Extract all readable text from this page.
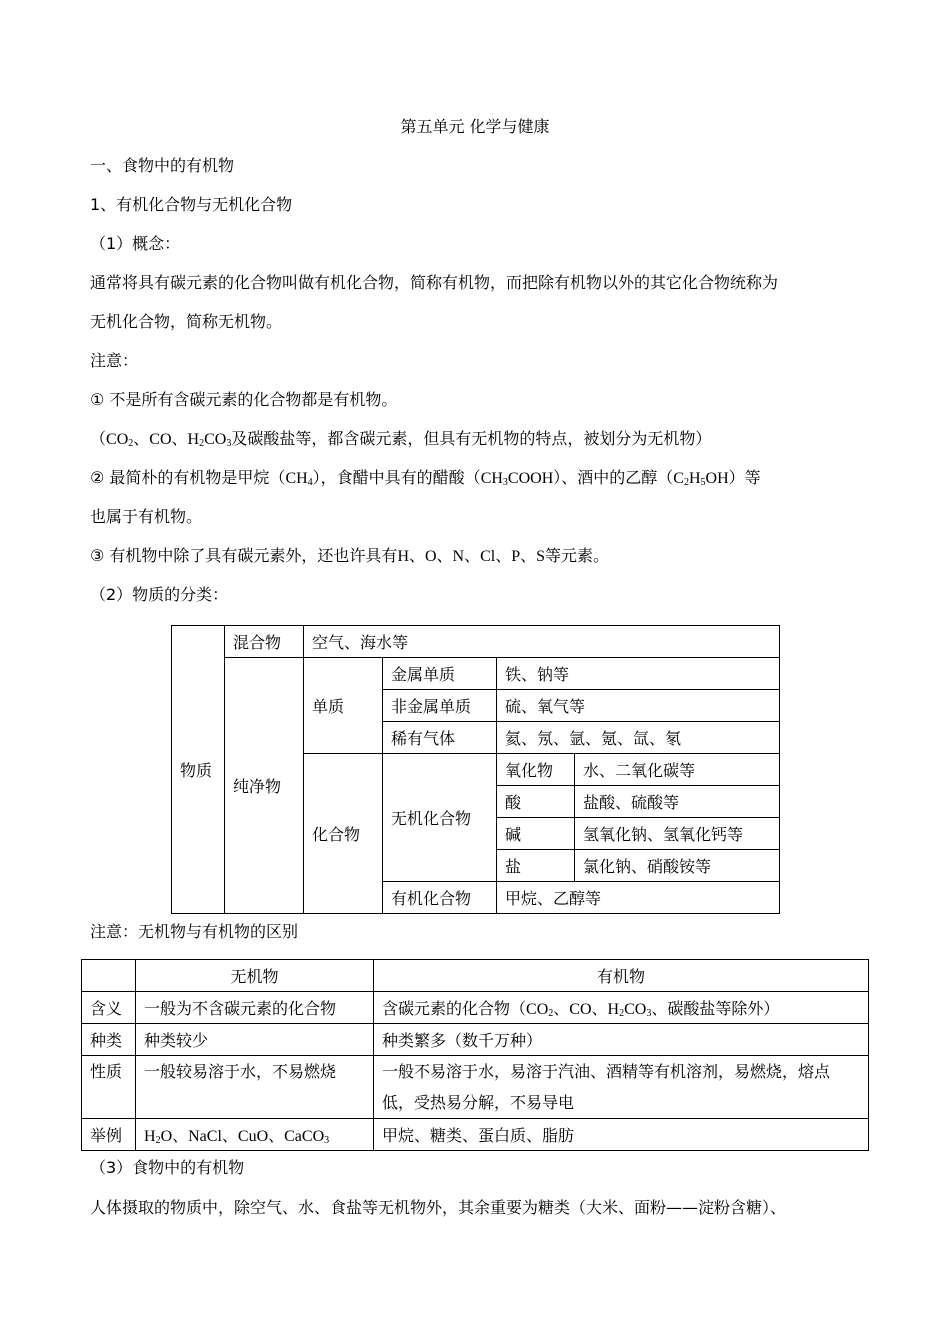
第五单元 化学与健康
一、食物中的有机物
1、有机化合物与无机化合物
（1）概念：
通常将具有碳元素的化合物叫做有机化合物，简称有机物，而把除有机物以外的其它化合物统称为
无机化合物，简称无机物。
注意：
① 不是所有含碳元素的化合物都是有机物。
（$CO_2$、CO、$H_2CO_3$及碳酸盐等，都含碳元素，但具有无机物的特点，被划分为无机物）
② 最简朴的有机物是甲烷$(CH_4)$，食醋中具有的醋酸$(CH_3COOH)$、酒中的乙醇$(C_2H_5OH)$等
也属于有机物。
③ 有机物中除了具有碳元素外，还也许具有H、O、N、Cl、P、S等元素。
（2）物质的分类：
物质	混合物	空气、海水等			
	纯净物	单质	金属单质	铁、钠等	
			非金属单质	硫、氧气等	
			稀有气体	氦、氖、氩、氪、氙、氡	
		化合物	无机化合物	氧化物	水、二氧化碳等
				酸	盐酸、硫酸等
				碱	氢氧化钠、氢氧化钙等
				盐	氯化钠、硝酸铵等
			有机化合物	甲烷、乙醇等	
注意：无机物与有机物的区别
	无机物	有机物
含义	一般为不含碳元素的化合物	含碳元素的化合物（$CO_2$、CO、$H_2CO_3$、碳酸盐等除外）
种类	种类较少	种类繁多（数千万种）
性质	一般较易溶于水，不易燃烧	一般不易溶于水，易溶于汽油、酒精等有机溶剂，易燃烧，熔点低，受热易分解，不易导电
举例	$H_2O$、NaCl、CuO、CaCO$_3$	甲烷、糖类、蛋白质、脂肪
（3）食物中的有机物
人体摄取的物质中，除空气、水、食盐等无机物外，其余重要为糖类（大米、面粉——淀粉含糖）、
